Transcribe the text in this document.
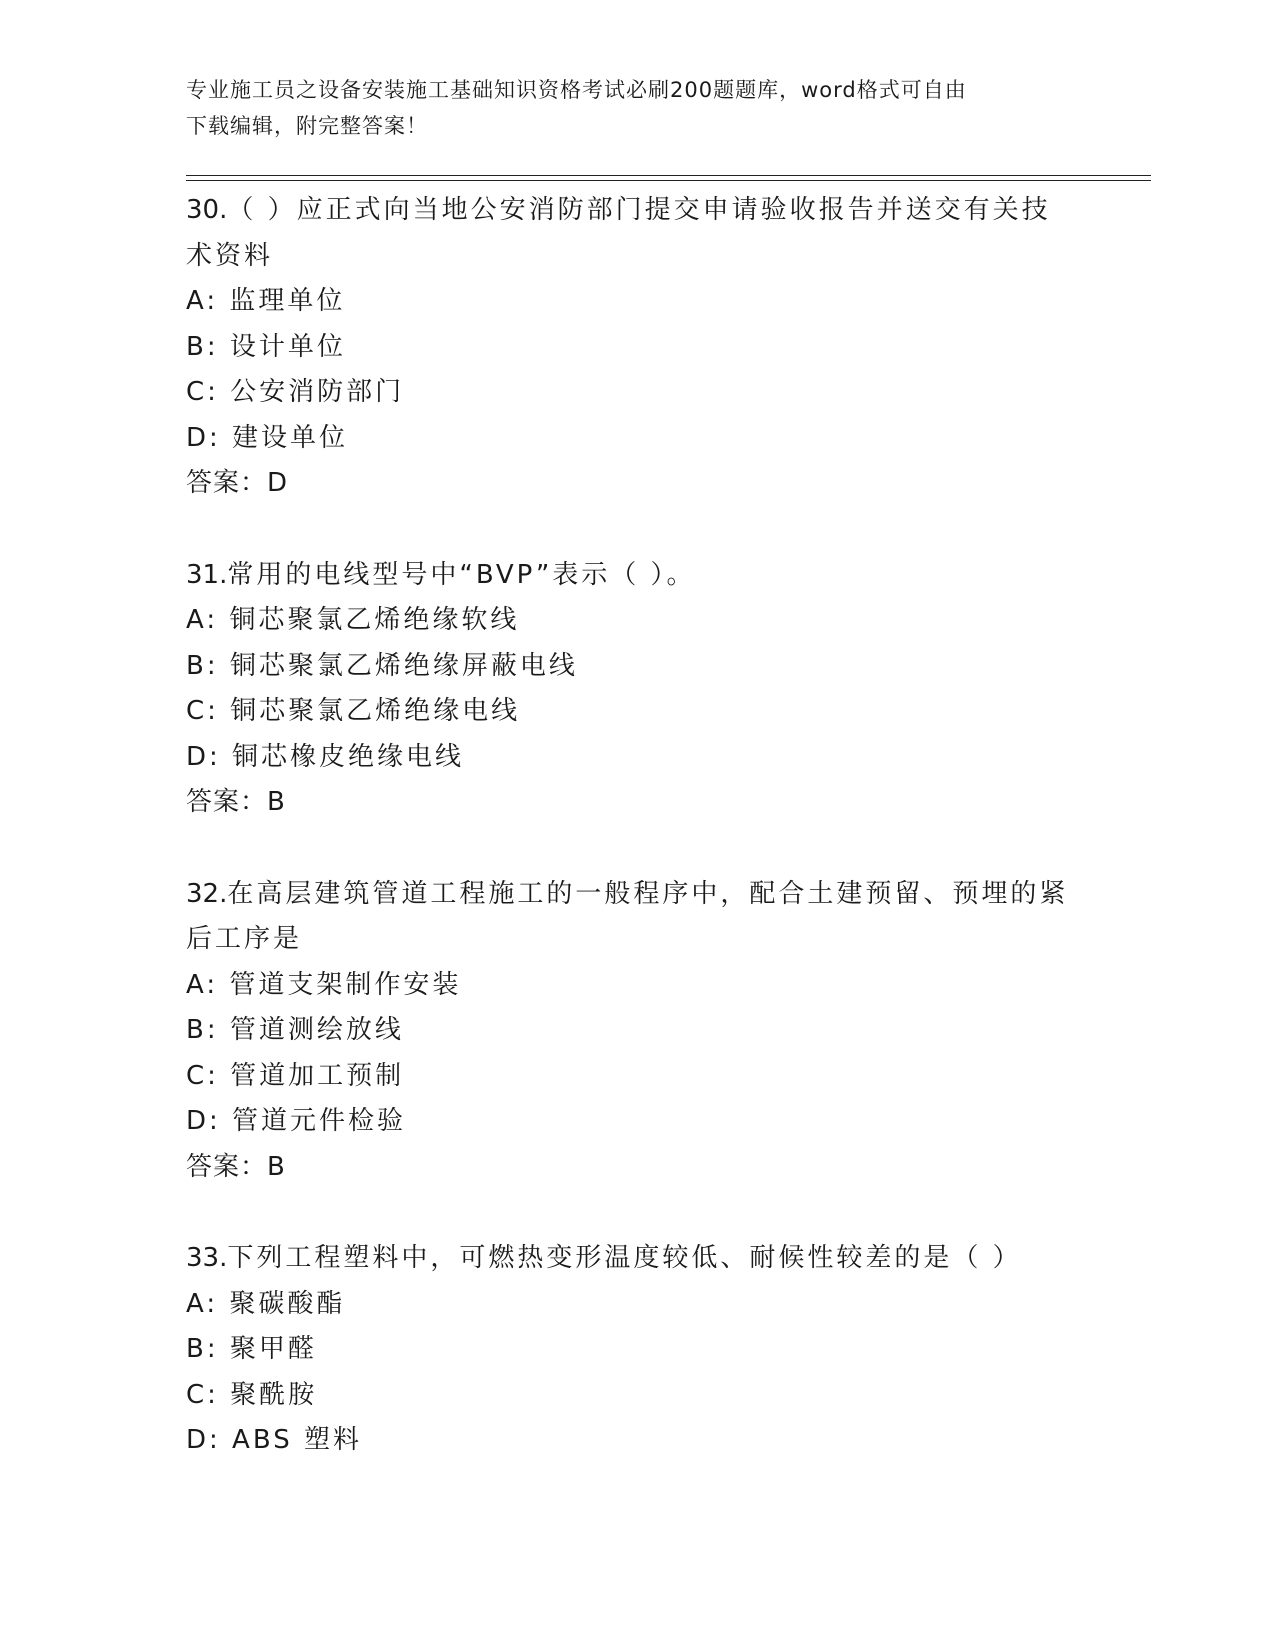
专业施工员之设备安装施工基础知识资格考试必刷200题题库，word格式可自由
下载编辑，附完整答案！
30.（ ）应正式向当地公安消防部门提交申请验收报告并送交有关技
术资料
A: 监理单位
B: 设计单位
C: 公安消防部门
D: 建设单位
答案：D
31.常用的电线型号中“BVP”表示（ ）。
A: 铜芯聚氯乙烯绝缘软线
B: 铜芯聚氯乙烯绝缘屏蔽电线
C: 铜芯聚氯乙烯绝缘电线
D: 铜芯橡皮绝缘电线
答案：B
32.在高层建筑管道工程施工的一般程序中，配合土建预留、预埋的紧
后工序是
A: 管道支架制作安装
B: 管道测绘放线
C: 管道加工预制
D: 管道元件检验
答案：B
33.下列工程塑料中，可燃热变形温度较低、耐候性较差的是（ ）
A: 聚碳酸酯
B: 聚甲醛
C: 聚酰胺
D: ABS 塑料
